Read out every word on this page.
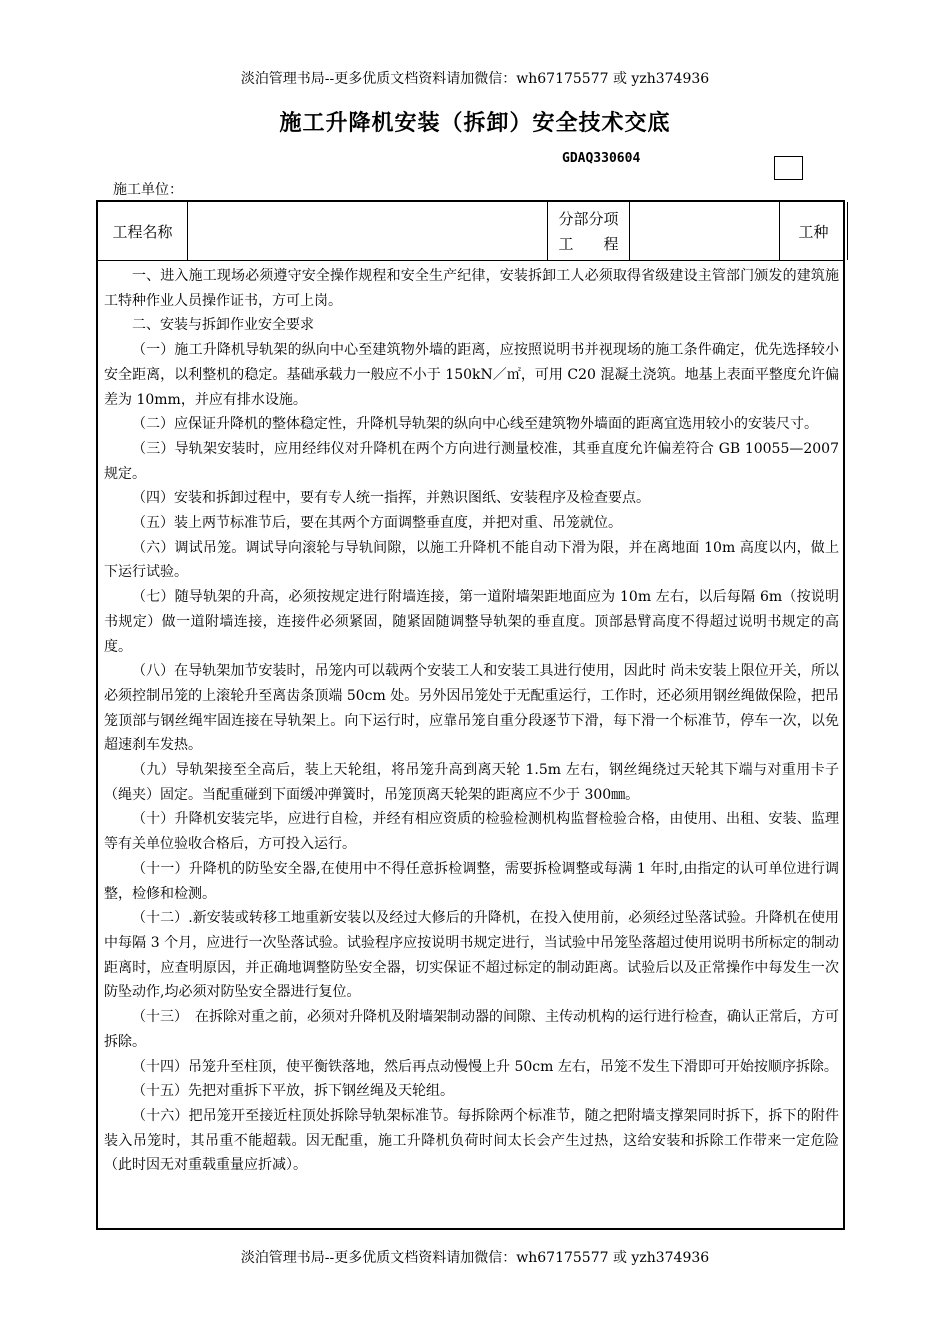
淡泊管理书局--更多优质文档资料请加微信：wh67175577 或 yzh374936
施工升降机安装（拆卸）安全技术交底
GDAQ330604
施工单位：
工程名称
分部分项
工　　程
工种

一、进入施工现场必须遵守安全操作规程和安全生产纪律，安装拆卸工人必须取得省级建设主管部门颁发的建筑施工特种作业人员操作证书，方可上岗。

二、安装与拆卸作业安全要求

（一）施工升降机导轨架的纵向中心至建筑物外墙的距离，应按照说明书并视现场的施工条件确定，优先选择较小安全距离，以利整机的稳定。基础承载力一般应不小于 150kN／㎡，可用 C20 混凝土浇筑。地基上表面平整度允许偏差为 10mm，并应有排水设施。

（二）应保证升降机的整体稳定性，升降机导轨架的纵向中心线至建筑物外墙面的距离宜选用较小的安装尺寸。

（三）导轨架安装时，应用经纬仪对升降机在两个方向进行测量校准，其垂直度允许偏差符合 GB 10055—2007 规定。

（四）安装和拆卸过程中，要有专人统一指挥，并熟识图纸、安装程序及检查要点。

（五）装上两节标准节后，要在其两个方面调整垂直度，并把对重、吊笼就位。

（六）调试吊笼。调试导向滚轮与导轨间隙，以施工升降机不能自动下滑为限，并在离地面 10m 高度以内，做上下运行试验。

（七）随导轨架的升高，必须按规定进行附墙连接，第一道附墙架距地面应为 10m 左右，以后每隔 6m（按说明书规定）做一道附墙连接，连接件必须紧固，随紧固随调整导轨架的垂直度。顶部悬臂高度不得超过说明书规定的高度。

（八）在导轨架加节安装时，吊笼内可以载两个安装工人和安装工具进行使用，因此时 尚未安装上限位开关，所以必须控制吊笼的上滚轮升至离齿条顶端 50cm 处。另外因吊笼处于无配重运行，工作时，还必须用钢丝绳做保险，把吊笼顶部与钢丝绳牢固连接在导轨架上。向下运行时，应靠吊笼自重分段逐节下滑，每下滑一个标准节，停车一次，以免超速刹车发热。

（九）导轨架接至全高后，装上天轮组，将吊笼升高到离天轮 1.5m 左右，钢丝绳绕过天轮其下端与对重用卡子（绳夹）固定。当配重碰到下面缓冲弹簧时，吊笼顶离天轮架的距离应不少于 300㎜。

（十）升降机安装完毕，应进行自检，并经有相应资质的检验检测机构监督检验合格，由使用、出租、安装、监理等有关单位验收合格后，方可投入运行。

（十一）升降机的防坠安全器,在使用中不得任意拆检调整，需要拆检调整或每满 1 年时,由指定的认可单位进行调整，检修和检测。

（十二）.新安装或转移工地重新安装以及经过大修后的升降机，在投入使用前，必须经过坠落试验。升降机在使用中每隔 3 个月，应进行一次坠落试验。试验程序应按说明书规定进行，当试验中吊笼坠落超过使用说明书所标定的制动距离时，应查明原因，并正确地调整防坠安全器，切实保证不超过标定的制动距离。试验后以及正常操作中每发生一次防坠动作,均必须对防坠安全器进行复位。

（十三）　在拆除对重之前，必须对升降机及附墙架制动器的间隙、主传动机构的运行进行检查，确认正常后，方可拆除。

（十四）吊笼升至柱顶，使平衡铁落地，然后再点动慢慢上升 50cm 左右，吊笼不发生下滑即可开始按顺序拆除。

（十五）先把对重拆下平放，拆下钢丝绳及天轮组。

（十六）把吊笼开至接近柱顶处拆除导轨架标准节。每拆除两个标准节，随之把附墙支撑架同时拆下，拆下的附件装入吊笼时，其吊重不能超载。因无配重，施工升降机负荷时间太长会产生过热，这给安装和拆除工作带来一定危险（此时因无对重载重量应折减）。

淡泊管理书局--更多优质文档资料请加微信：wh67175577 或 yzh374936
